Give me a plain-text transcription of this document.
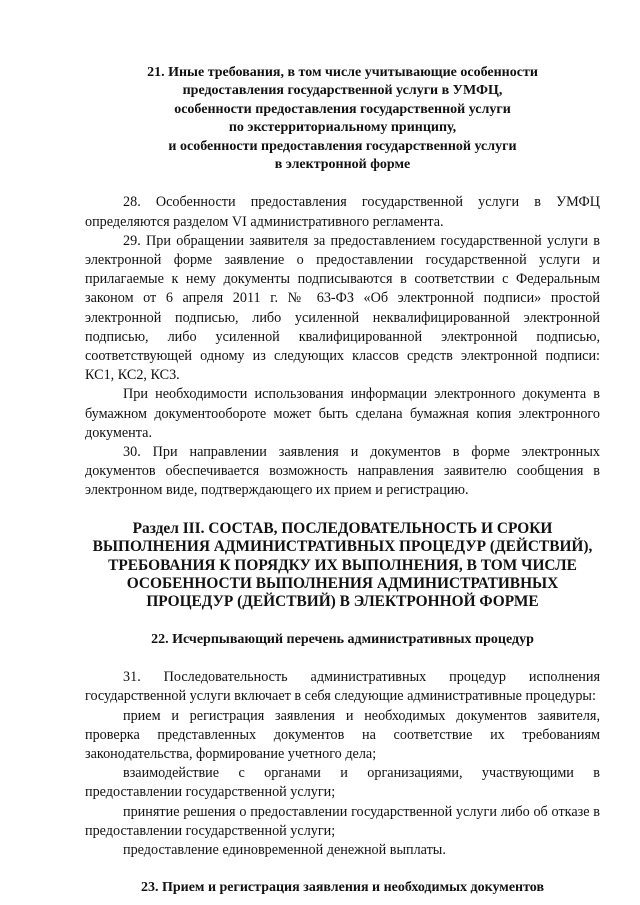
21. Иные требования, в том числе учитывающие особенности
предоставления государственной услуги в УМФЦ,
особенности предоставления государственной услуги
по экстерриториальному принципу,
и особенности предоставления государственной услуги
в электронной форме

28. Особенности предоставления государственной услуги в УМФЦ определяются разделом VI административного регламента.

29. При обращении заявителя за предоставлением государственной услуги в электронной форме заявление о предоставлении государственной услуги и прилагаемые к нему документы подписываются в соответствии с Федеральным законом от 6 апреля 2011 г. № 63-ФЗ «Об электронной подписи» простой электронной подписью, либо усиленной неквалифицированной электронной подписью, либо усиленной квалифицированной электронной подписью, соответствующей одному из следующих классов средств электронной подписи: КС1, КС2, КС3.

При необходимости использования информации электронного документа в бумажном документообороте может быть сделана бумажная копия электронного документа.

30. При направлении заявления и документов в форме электронных документов обеспечивается возможность направления заявителю сообщения в электронном виде, подтверждающего их прием и регистрацию.

Раздел III. СОСТАВ, ПОСЛЕДОВАТЕЛЬНОСТЬ И СРОКИ
ВЫПОЛНЕНИЯ АДМИНИСТРАТИВНЫХ ПРОЦЕДУР (ДЕЙСТВИЙ),
ТРЕБОВАНИЯ К ПОРЯДКУ ИХ ВЫПОЛНЕНИЯ, В ТОМ ЧИСЛЕ
ОСОБЕННОСТИ ВЫПОЛНЕНИЯ АДМИНИСТРАТИВНЫХ
ПРОЦЕДУР (ДЕЙСТВИЙ) В ЭЛЕКТРОННОЙ ФОРМЕ
22. Исчерпывающий перечень административных процедур

31. Последовательность административных процедур исполнения государственной услуги включает в себя следующие административные процедуры:

прием и регистрация заявления и необходимых документов заявителя, проверка представленных документов на соответствие их требованиям законодательства, формирование учетного дела;

взаимодействие с органами и организациями, участвующими в предоставлении государственной услуги;

принятие решения о предоставлении государственной услуги либо об отказе в предоставлении государственной услуги;

предоставление единовременной денежной выплаты.

23. Прием и регистрация заявления и необходимых документов
